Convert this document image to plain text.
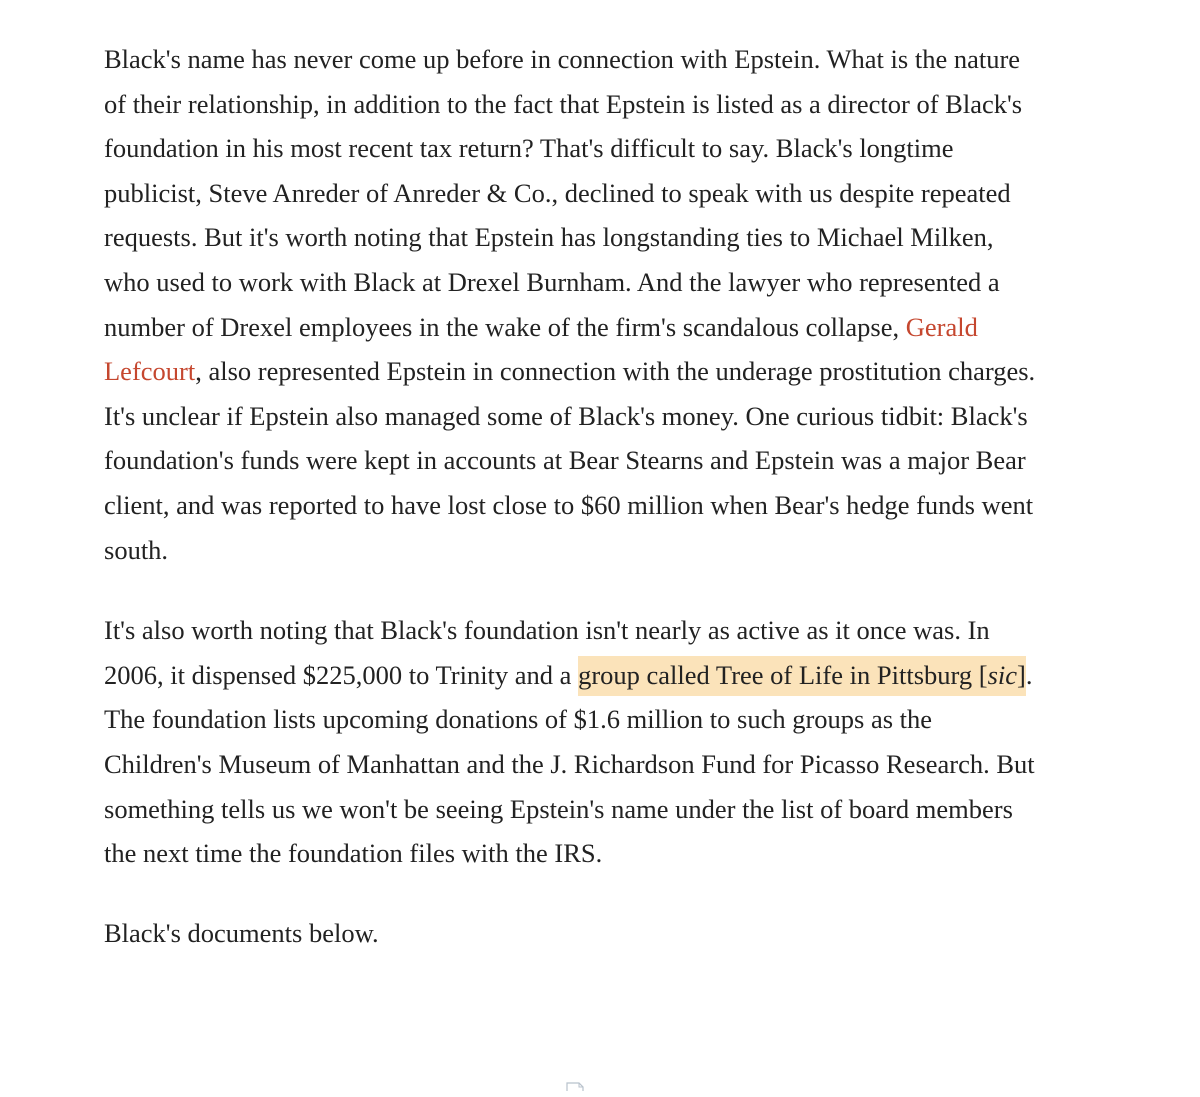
Black's name has never come up before in connection with Epstein. What is the nature of their relationship, in addition to the fact that Epstein is listed as a director of Black's foundation in his most recent tax return? That's difficult to say. Black's longtime publicist, Steve Anreder of Anreder & Co., declined to speak with us despite repeated requests. But it's worth noting that Epstein has longstanding ties to Michael Milken, who used to work with Black at Drexel Burnham. And the lawyer who represented a number of Drexel employees in the wake of the firm's scandalous collapse, Gerald Lefcourt, also represented Epstein in connection with the underage prostitution charges. It's unclear if Epstein also managed some of Black's money. One curious tidbit: Black's foundation's funds were kept in accounts at Bear Stearns and Epstein was a major Bear client, and was reported to have lost close to $60 million when Bear's hedge funds went south.

It's also worth noting that Black's foundation isn't nearly as active as it once was. In 2006, it dispensed $225,000 to Trinity and a group called Tree of Life in Pittsburg [sic]. The foundation lists upcoming donations of $1.6 million to such groups as the Children's Museum of Manhattan and the J. Richardson Fund for Picasso Research. But something tells us we won't be seeing Epstein's name under the list of board members the next time the foundation files with the IRS.

Black's documents below.
